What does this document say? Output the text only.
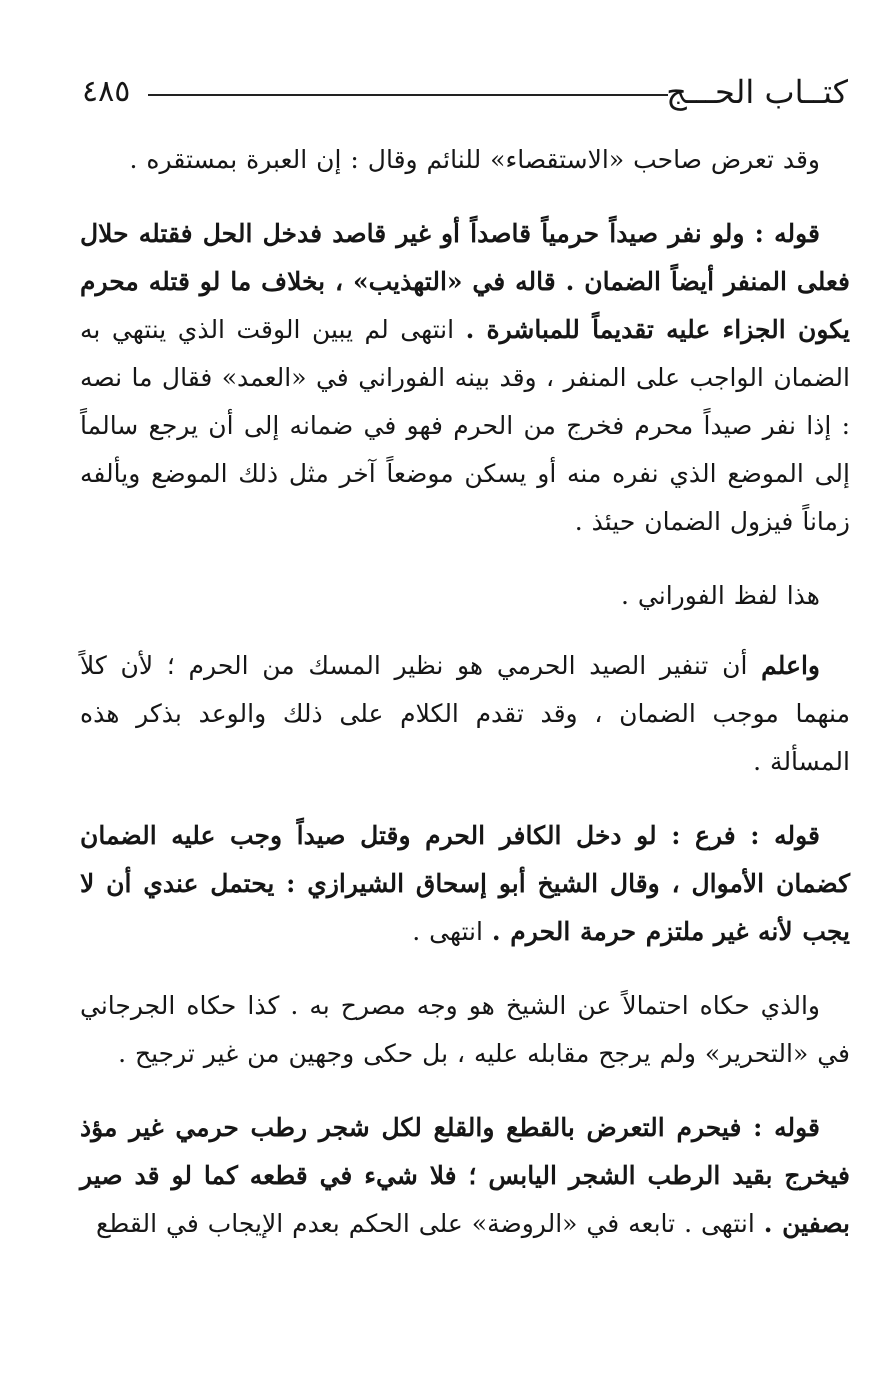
كتــاب الحـــج
٤٨٥

وقد تعرض صاحب «الاستقصاء» للنائم وقال : إن العبرة بمستقره .

قوله : ولو نفر صيداً حرمياً قاصداً أو غير قاصد فدخل الحل فقتله حلال فعلى المنفر أيضاً الضمان . قاله في «التهذيب» ، بخلاف ما لو قتله محرم يكون الجزاء عليه تقديماً للمباشرة . انتهى لم يبين الوقت الذي ينتهي به الضمان الواجب على المنفر ، وقد بينه الفوراني في «العمد» فقال ما نصه : إذا نفر صيداً محرم فخرج من الحرم فهو في ضمانه إلى أن يرجع سالماً إلى الموضع الذي نفره منه أو يسكن موضعاً آخر مثل ذلك الموضع ويألفه زماناً فيزول الضمان حيئذ .

هذا لفظ الفوراني .

واعلم أن تنفير الصيد الحرمي هو نظير المسك من الحرم ؛ لأن كلاً منهما موجب الضمان ، وقد تقدم الكلام على ذلك والوعد بذكر هذه المسألة .

قوله : فرع : لو دخل الكافر الحرم وقتل صيداً وجب عليه الضمان كضمان الأموال ، وقال الشيخ أبو إسحاق الشيرازي : يحتمل عندي أن لا يجب لأنه غير ملتزم حرمة الحرم . انتهى .

والذي حكاه احتمالاً عن الشيخ هو وجه مصرح به . كذا حكاه الجرجاني في «التحرير» ولم يرجح مقابله عليه ، بل حكى وجهين من غير ترجيح .

قوله : فيحرم التعرض بالقطع والقلع لكل شجر رطب حرمي غير مؤذ فيخرج بقيد الرطب الشجر اليابس ؛ فلا شيء في قطعه كما لو قد صير بصفين . انتهى . تابعه في «الروضة» على الحكم بعدم الإيجاب في القطع
